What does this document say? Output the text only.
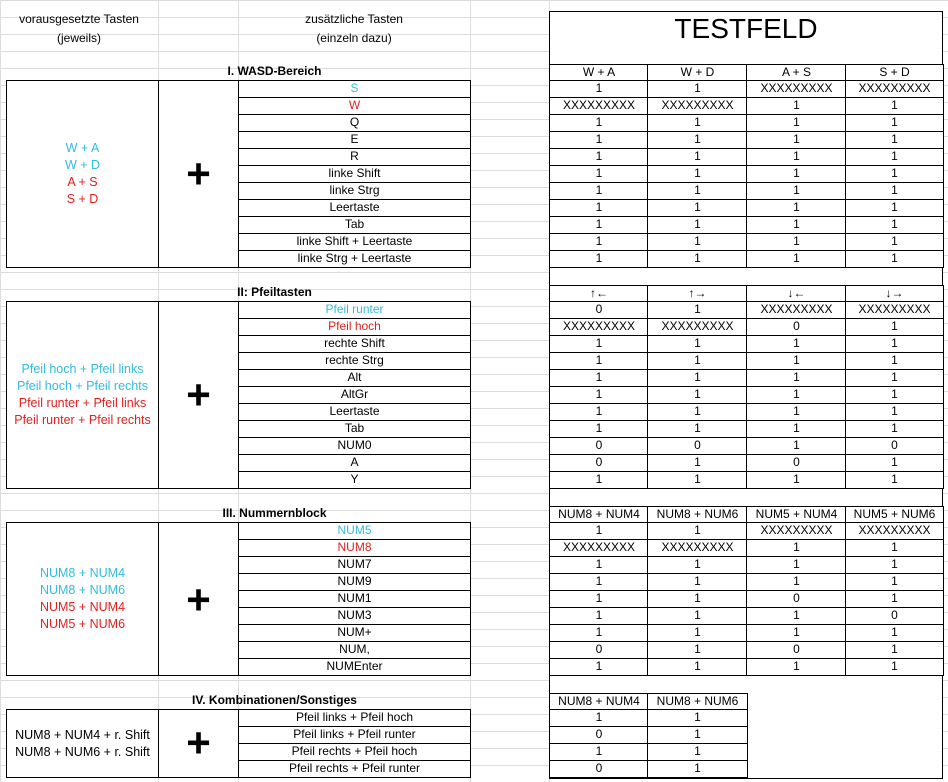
vorausgesetzte Tasten
(jeweils)
zusätzliche Tasten
(einzeln dazu)	TESTFELD
I. WASD-Bereich
+
W + A
W + D
A + S
S + D
W + A	W + D	A + S	S + D
S	1	1	XXXXXXXXX	XXXXXXXXX
W	XXXXXXXXX	XXXXXXXXX	1	1
Q	1	1	1	1
E	1	1	1	1
R	1	1	1	1
linke Shift	1	1	1	1
linke Strg	1	1	1	1
Leertaste	1	1	1	1
Tab	1	1	1	1
linke Shift + Leertaste	1	1	1	1
linke Strg + Leertaste	1	1	1	1
II: Pfeiltasten
+
Pfeil hoch + Pfeil links
Pfeil hoch + Pfeil rechts
Pfeil runter + Pfeil links
Pfeil runter + Pfeil rechts
↑←	↑→	↓←	↓→
Pfeil runter	0	1	XXXXXXXXX	XXXXXXXXX
Pfeil hoch	XXXXXXXXX	XXXXXXXXX	0	1
rechte Shift	1	1	1	1
rechte Strg	1	1	1	1
Alt	1	1	1	1
AltGr	1	1	1	1
Leertaste	1	1	1	1
Tab	1	1	1	1
NUM0	0	0	1	0
A	0	1	0	1
Y	1	1	1	1
III. Nummernblock
+
NUM8 + NUM4
NUM8 + NUM6
NUM5 + NUM4
NUM5 + NUM6
NUM8 + NUM4	NUM8 + NUM6	NUM5 + NUM4	NUM5 + NUM6
NUM5	1	1	XXXXXXXXX	XXXXXXXXX
NUM8	XXXXXXXXX	XXXXXXXXX	1	1
NUM7	1	1	1	1
NUM9	1	1	1	1
NUM1	1	1	0	1
NUM3	1	1	1	0
NUM+	1	1	1	1
NUM,	0	1	0	1
NUMEnter	1	1	1	1
IV. Kombinationen/Sonstiges
+
NUM8 + NUM4 + r. Shift
NUM8 + NUM6 + r. Shift
NUM8 + NUM4	NUM8 + NUM6
Pfeil links + Pfeil hoch	1	1
Pfeil links + Pfeil runter	0	1
Pfeil rechts + Pfeil hoch	1	1
Pfeil rechts + Pfeil runter	0	1
